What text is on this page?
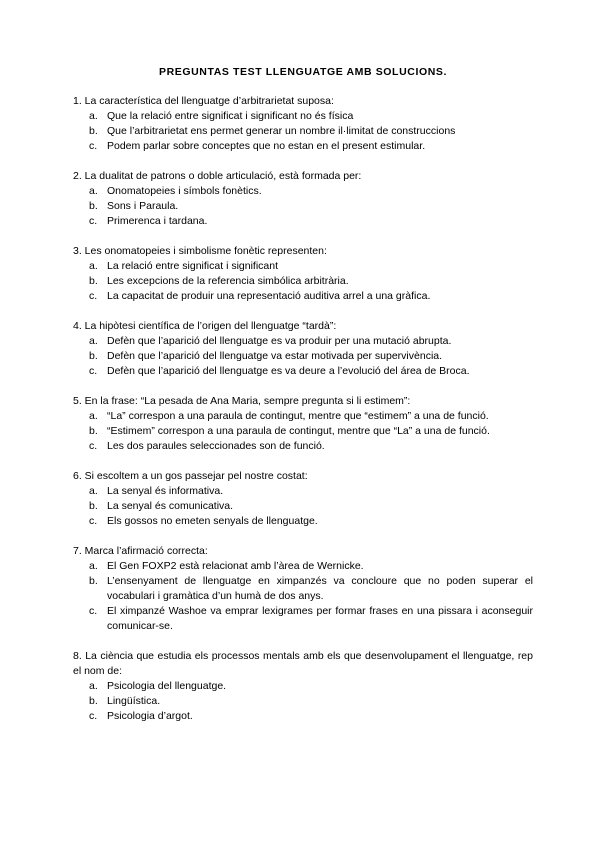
PREGUNTAS TEST LLENGUATGE AMB SOLUCIONS.

1. La característica del llenguatge d’arbitrarietat suposa:

a. Que la relació entre significat i significant no és física
b. Que l’arbitrarietat ens permet generar un nombre il·limitat de construccions
c. Podem parlar sobre conceptes que no estan en el present estimular.

2. La dualitat de patrons o doble articulació, està formada per:

a. Onomatopeies i símbols fonètics.
b. Sons i Paraula.
c. Primerenca i tardana.

3. Les onomatopeies i simbolisme fonètic representen:

a. La relació entre significat i significant
b. Les excepcions de la referencia simbólica arbitrària.
c. La capacitat de produir una representació auditiva arrel a una gràfica.

4. La hipòtesi científica de l’origen del llenguatge “tardà”:

a. Defèn que l’aparició del llenguatge es va produir per una mutació abrupta.
b. Defèn que l’aparició del llenguatge va estar motivada per supervivència.
c. Defèn que l’aparició del llenguatge es va deure a l’evolució del área de Broca.

5. En la frase: “La pesada de Ana Maria, sempre pregunta si li estimem”:

a. “La” correspon a una paraula de contingut, mentre que “estimem” a una de funció.
b. “Estimem” correspon a una paraula de contingut, mentre que “La” a una de funció.
c. Les dos paraules seleccionades son de funció.

6. Si escoltem a un gos passejar pel nostre costat:

a. La senyal és informativa.
b. La senyal és comunicativa.
c. Els gossos no emeten senyals de llenguatge.

7. Marca l’afirmació correcta:

a. El Gen FOXP2 està relacionat amb l’àrea de Wernicke.
b. L’ensenyament de llenguatge en ximpanzés va concloure que no poden superar el vocabulari i gramàtica d’un humà de dos anys.
c. El ximpanzé Washoe va emprar lexigrames per formar frases en una pissara i aconseguir comunicar-se.

8. La ciència que estudia els processos mentals amb els que desenvolupament el llenguatge, rep el nom de:

a. Psicologia del llenguatge.
b. Lingüística.
c. Psicologia d’argot.
